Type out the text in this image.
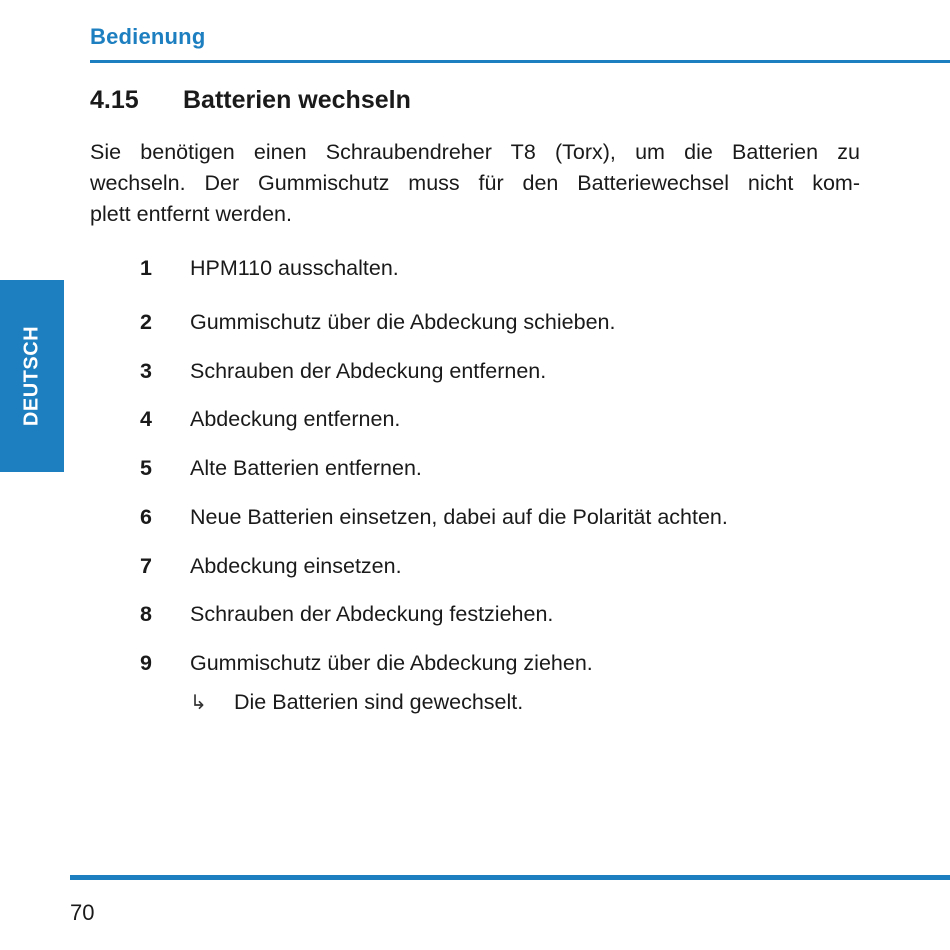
Bedienung
4.15 Batterien wechseln
Sie benötigen einen Schraubendreher T8 (Torx), um die Batterien zu
wechseln. Der Gummischutz muss für den Batteriewechsel nicht kom-
plett entfernt werden.
1 HPM110 ausschalten.
2 Gummischutz über die Abdeckung schieben.
3 Schrauben der Abdeckung entfernen.
4 Abdeckung entfernen.
5 Alte Batterien entfernen.
6 Neue Batterien einsetzen, dabei auf die Polarität achten.
7 Abdeckung einsetzen.
8 Schrauben der Abdeckung festziehen.
9 Gummischutz über die Abdeckung ziehen.
↳ Die Batterien sind gewechselt.
DEUTSCH
70
